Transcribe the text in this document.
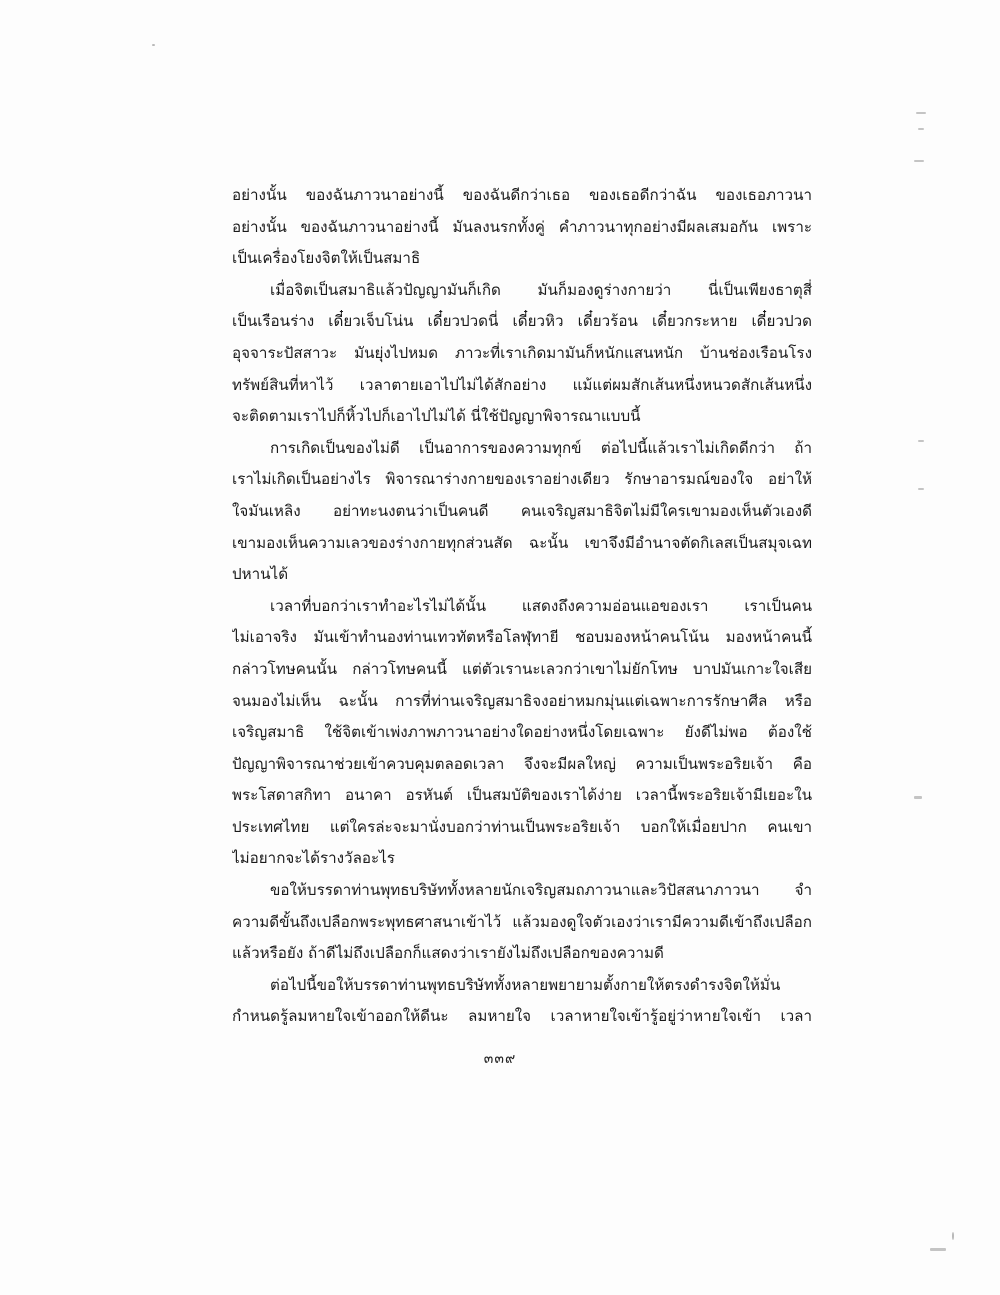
อย่างนั้น ของฉันภาวนาอย่างนี้ ของฉันดีกว่าเธอ ของเธอดีกว่าฉัน ของเธอภาวนา
อย่างนั้น ของฉันภาวนาอย่างนี้ มันลงนรกทั้งคู่ คำภาวนาทุกอย่างมีผลเสมอกัน เพราะ
เป็นเครื่องโยงจิตให้เป็นสมาธิ
เมื่อจิตเป็นสมาธิแล้วปัญญามันก็เกิด มันก็มองดูร่างกายว่า นี่เป็นเพียงธาตุสี่
เป็นเรือนร่าง เดี๋ยวเจ็บโน่น เดี๋ยวปวดนี่ เดี๋ยวหิว เดี๋ยวร้อน เดี๋ยวกระหาย เดี๋ยวปวด
อุจจาระปัสสาวะ มันยุ่งไปหมด ภาวะที่เราเกิดมามันก็หนักแสนหนัก บ้านช่องเรือนโรง
ทรัพย์สินที่หาไว้ เวลาตายเอาไปไม่ได้สักอย่าง แม้แต่ผมสักเส้นหนึ่งหนวดสักเส้นหนึ่ง
จะติดตามเราไปก็หิ้วไปก็เอาไปไม่ได้ นี่ใช้ปัญญาพิจารณาแบบนี้
การเกิดเป็นของไม่ดี เป็นอาการของความทุกข์ ต่อไปนี้แล้วเราไม่เกิดดีกว่า ถ้า
เราไม่เกิดเป็นอย่างไร พิจารณาร่างกายของเราอย่างเดียว รักษาอารมณ์ของใจ อย่าให้
ใจมันเหลิง อย่าทะนงตนว่าเป็นคนดี คนเจริญสมาธิจิตไม่มีใครเขามองเห็นตัวเองดี
เขามองเห็นความเลวของร่างกายทุกส่วนสัด ฉะนั้น เขาจึงมีอำนาจตัดกิเลสเป็นสมุจเฉท
ปหานได้
เวลาที่บอกว่าเราทำอะไรไม่ได้นั้น แสดงถึงความอ่อนแอของเรา เราเป็นคน
ไม่เอาจริง มันเข้าทำนองท่านเทวทัตหรือโลฬุทายี ชอบมองหน้าคนโน้น มองหน้าคนนี้
กล่าวโทษคนนั้น กล่าวโทษคนนี้ แต่ตัวเรานะเลวกว่าเขาไม่ยักโทษ บาปมันเกาะใจเสีย
จนมองไม่เห็น ฉะนั้น การที่ท่านเจริญสมาธิจงอย่าหมกมุ่นแต่เฉพาะการรักษาศีล หรือ
เจริญสมาธิ ใช้จิตเข้าเพ่งภาพภาวนาอย่างใดอย่างหนึ่งโดยเฉพาะ ยังดีไม่พอ ต้องใช้
ปัญญาพิจารณาช่วยเข้าควบคุมตลอดเวลา จึงจะมีผลใหญ่ ความเป็นพระอริยเจ้า คือ
พระโสดาสกิทา อนาคา อรหันต์ เป็นสมบัติของเราได้ง่าย เวลานี้พระอริยเจ้ามีเยอะใน
ประเทศไทย แต่ใครล่ะจะมานั่งบอกว่าท่านเป็นพระอริยเจ้า บอกให้เมื่อยปาก คนเขา
ไม่อยากจะได้รางวัลอะไร
ขอให้บรรดาท่านพุทธบริษัททั้งหลายนักเจริญสมถภาวนาและวิปัสสนาภาวนา จำ
ความดีขั้นถึงเปลือกพระพุทธศาสนาเข้าไว้ แล้วมองดูใจตัวเองว่าเรามีความดีเข้าถึงเปลือก
แล้วหรือยัง ถ้าดีไม่ถึงเปลือกก็แสดงว่าเรายังไม่ถึงเปลือกของความดี
ต่อไปนี้ขอให้บรรดาท่านพุทธบริษัททั้งหลายพยายามตั้งกายให้ตรงดำรงจิตให้มั่น
กำหนดรู้ลมหายใจเข้าออกให้ดีนะ ลมหายใจ เวลาหายใจเข้ารู้อยู่ว่าหายใจเข้า เวลา
๓๓๙
